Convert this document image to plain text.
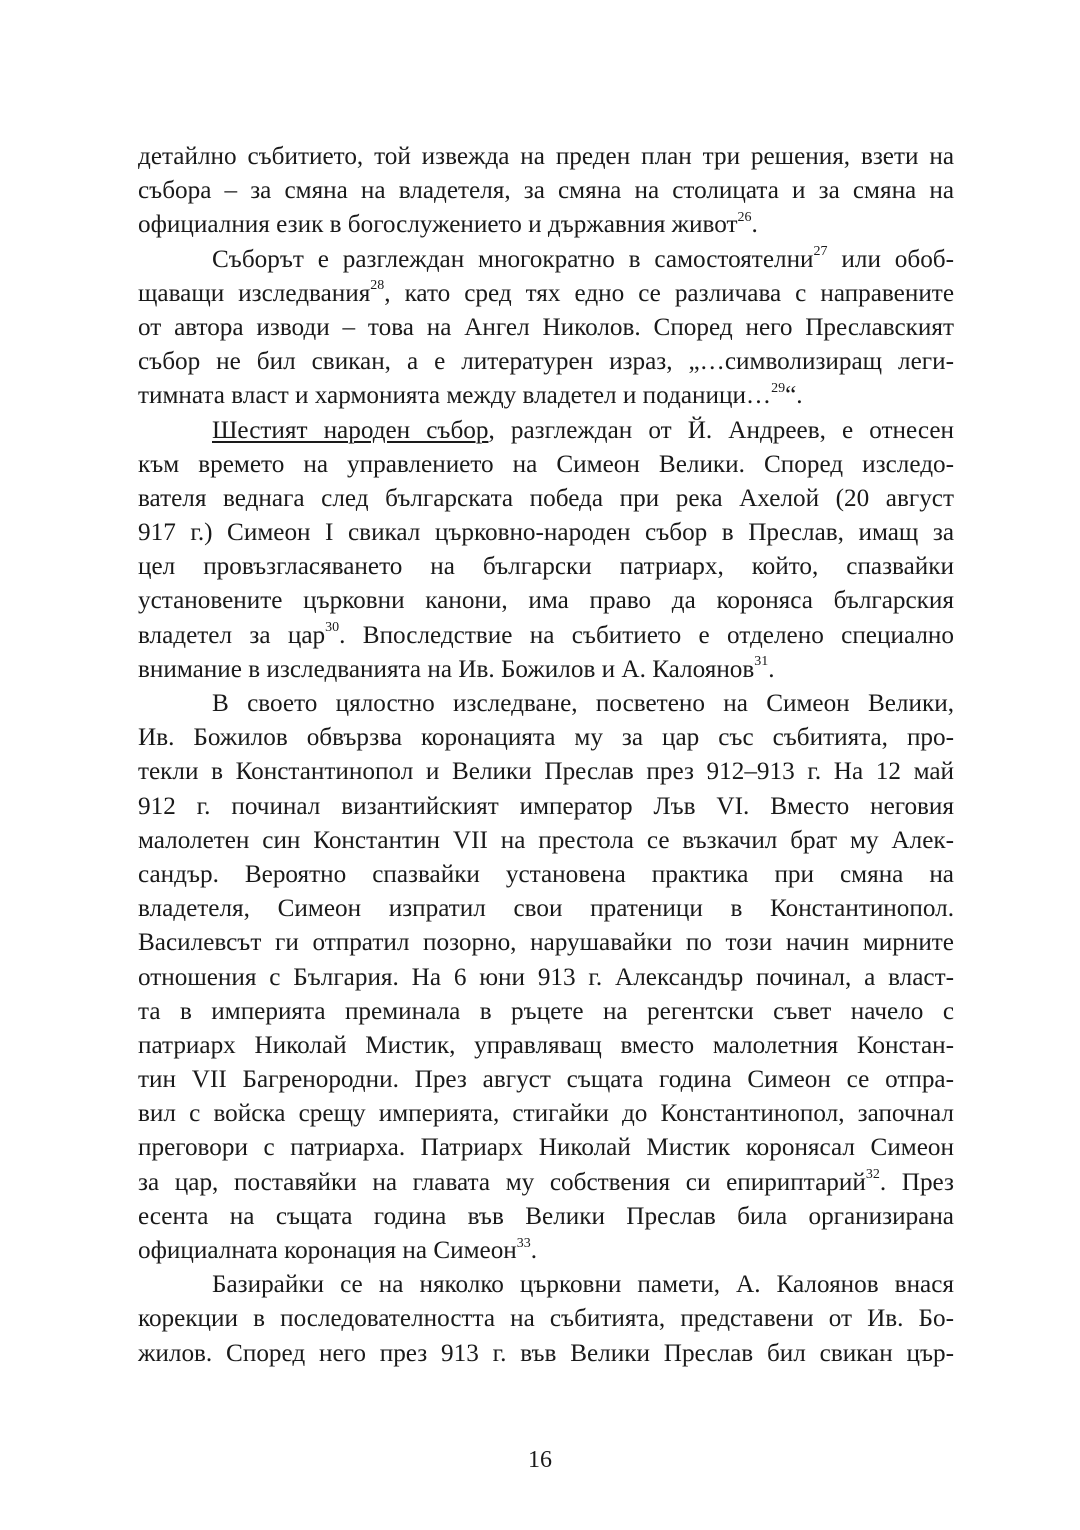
детайлно събитието, той извежда на преден план три решения, взети на
събора – за смяна на владетеля, за смяна на столицата и за смяна на
официалния език в богослужението и държавния живот$^{26}$.
Съборът е разглеждан многократно в самостоятелни$^{27}$ или обоб-
щаващи изследвания$^{28}$, като сред тях едно се различава с направените
от автора изводи – това на Ангел Николов. Според него Преславският
събор не бил свикан, а е литературен израз, „…символизиращ леги-
тимната власт и хармонията между владетел и поданици…$^{29}$“.
Шестият народен събор, разглеждан от Й. Андреев, е отнесен
към времето на управлението на Симеон Велики. Според изследо-
вателя веднага след българската победа при река Ахелой (20 август
917 г.) Симеон I свикал църковно-народен събор в Преслав, имащ за
цел провъзгласяването на български патриарх, който, спазвайки
установените църковни канони, има право да короняса българския
владетел за цар$^{30}$. Впоследствие на събитието е отделено специално
внимание в изследванията на Ив. Божилов и А. Калоянов$^{31}$.
В своето цялостно изследване, посветено на Симеон Велики,
Ив. Божилов обвързва коронацията му за цар със събитията, про-
текли в Константинопол и Велики Преслав през 912–913 г. На 12 май
912 г. починал византийският император Лъв VI. Вместо неговия
малолетен син Константин VII на престола се възкачил брат му Алек-
сандър. Вероятно спазвайки установена практика при смяна на
владетеля, Симеон изпратил свои пратеници в Константинопол.
Василевсът ги отпратил позорно, нарушавайки по този начин мирните
отношения с България. На 6 юни 913 г. Александър починал, а власт-
та в империята преминала в ръцете на регентски съвет начело с
патриарх Николай Мистик, управляващ вместо малолетния Констан-
тин VII Багренородни. През август същата година Симеон се отпра-
вил с войска срещу империята, стигайки до Константинопол, започнал
преговори с патриарха. Патриарх Николай Мистик коронясал Симеон
за цар, поставяйки на главата му собствения си епириптарий$^{32}$. През
есента на същата година във Велики Преслав била организирана
официалната коронация на Симеон$^{33}$.
Базирайки се на няколко църковни памети, А. Калоянов внася
корекции в последователността на събитията, представени от Ив. Бо-
жилов. Според него през 913 г. във Велики Преслав бил свикан цър-
16
